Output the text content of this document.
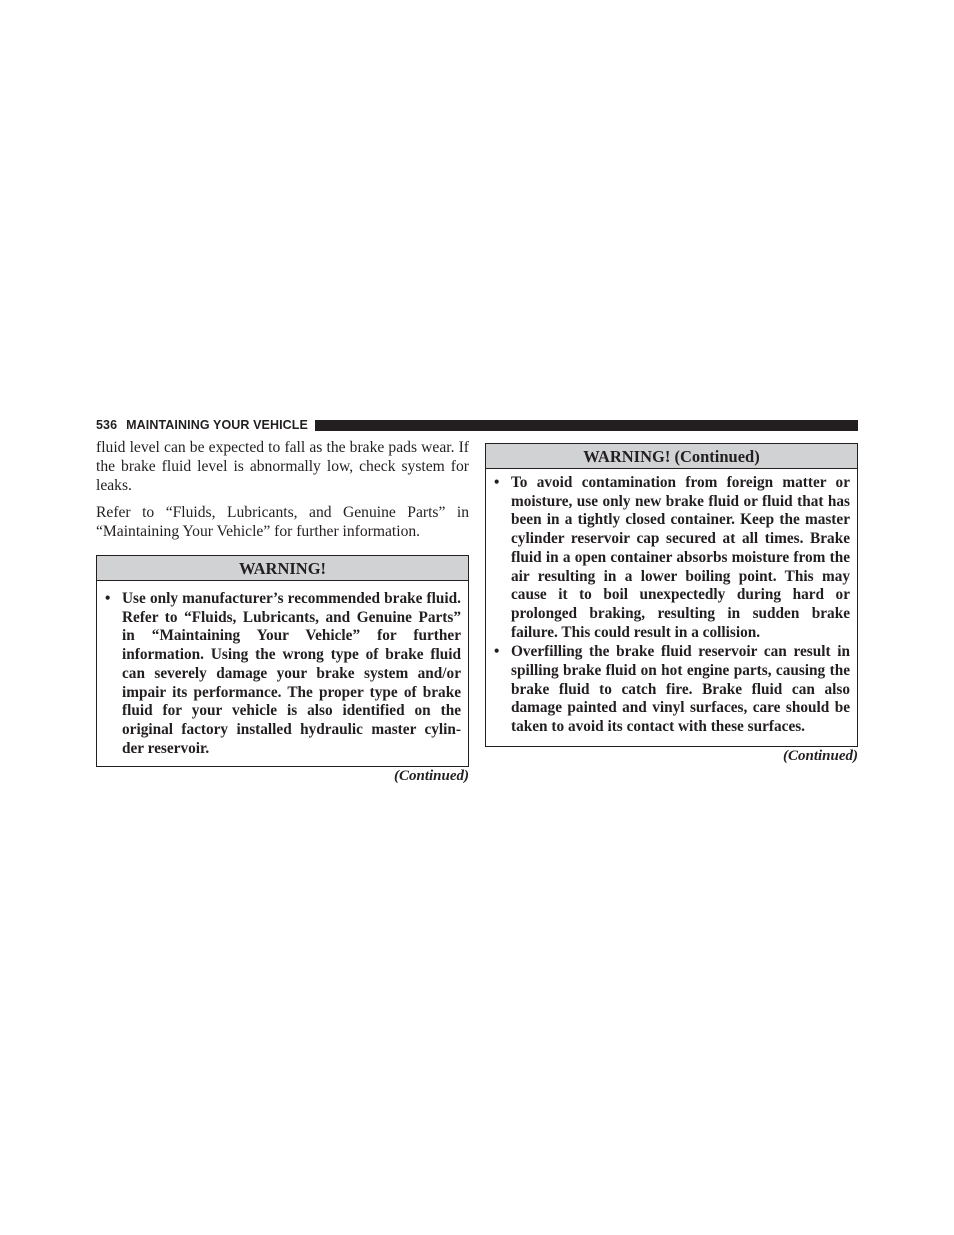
536 MAINTAINING YOUR VEHICLE

fluid level can be expected to fall as the brake pads wear. If the brake fluid level is abnormally low, check system for leaks.

Refer to “Fluids, Lubricants, and Genuine Parts” in “Maintaining Your Vehicle” for further information.

WARNING!
• Use only manufacturer’s recommended brake fluid. Refer to “Fluids, Lubricants, and Genuine Parts” in “Maintaining Your Vehicle” for further information. Using the wrong type of brake fluid can severely damage your brake system and/or impair its performance. The proper type of brake fluid for your vehicle is also identified on the original factory installed hydraulic master cylin- der reservoir.
(Continued)
WARNING! (Continued)
• To avoid contamination from foreign matter or moisture, use only new brake fluid or fluid that has been in a tightly closed container. Keep the master cylinder reservoir cap secured at all times. Brake fluid in a open container absorbs moisture from the air resulting in a lower boiling point. This may cause it to boil unexpectedly during hard or prolonged braking, resulting in sudden brake failure. This could result in a collision.
• Overfilling the brake fluid reservoir can result in spilling brake fluid on hot engine parts, causing the brake fluid to catch fire. Brake fluid can also damage painted and vinyl surfaces, care should be taken to avoid its contact with these surfaces.
(Continued)
